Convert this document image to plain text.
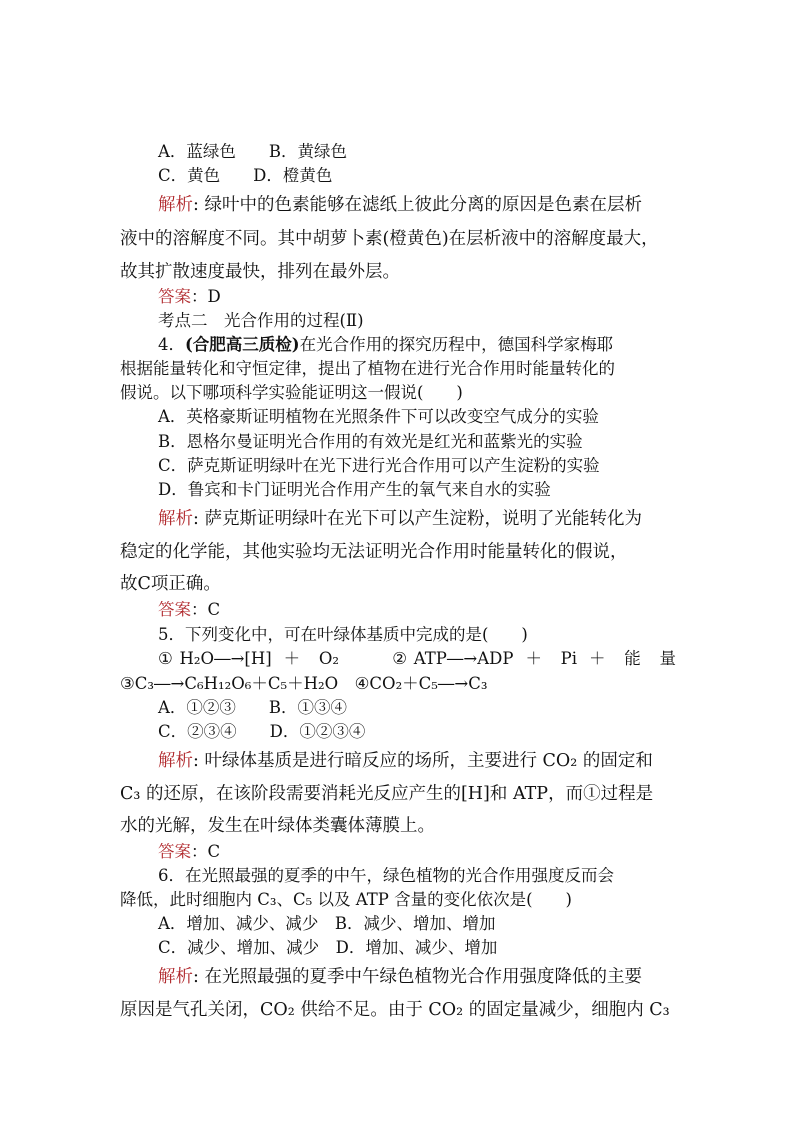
A．蓝绿色　　B．黄绿色
C．黄色　　D．橙黄色
解析: 绿叶中的色素能够在滤纸上彼此分离的原因是色素在层析
液中的溶解度不同。其中胡萝卜素(橙黄色)在层析液中的溶解度最大，
故其扩散速度最快，排列在最外层。
答案：D
考点二　光合作用的过程(Ⅱ)
4．(合肥高三质检)在光合作用的探究历程中，德国科学家梅耶
根据能量转化和守恒定律，提出了植物在进行光合作用时能量转化的
假说。以下哪项科学实验能证明这一假说(　　)
A．英格豪斯证明植物在光照条件下可以改变空气成分的实验
B．恩格尔曼证明光合作用的有效光是红光和蓝紫光的实验
C．萨克斯证明绿叶在光下进行光合作用可以产生淀粉的实验
D．鲁宾和卡门证明光合作用产生的氧气来自水的实验
解析: 萨克斯证明绿叶在光下可以产生淀粉，说明了光能转化为
稳定的化学能，其他实验均无法证明光合作用时能量转化的假说，
故C项正确。
答案：C
5．下列变化中，可在叶绿体基质中完成的是(　　)
①H₂O―→[H] ＋ O₂　　②ATP―→ADP ＋ Pi ＋ 能 量
③C₃―→C₆H₁₂O₆＋C₅＋H₂O　④CO₂＋C₅―→C₃
A．①②③　　B．①③④
C．②③④　　D．①②③④
解析: 叶绿体基质是进行暗反应的场所，主要进行 CO₂ 的固定和
C₃ 的还原，在该阶段需要消耗光反应产生的[H]和 ATP，而①过程是
水的光解，发生在叶绿体类囊体薄膜上。
答案：C
6．在光照最强的夏季的中午，绿色植物的光合作用强度反而会
降低，此时细胞内 C₃、C₅ 以及 ATP 含量的变化依次是(　　)
A．增加、减少、减少　B．减少、增加、增加
C．减少、增加、减少　D．增加、减少、增加
解析: 在光照最强的夏季中午绿色植物光合作用强度降低的主要
原因是气孔关闭，CO₂ 供给不足。由于 CO₂ 的固定量减少，细胞内 C₃
